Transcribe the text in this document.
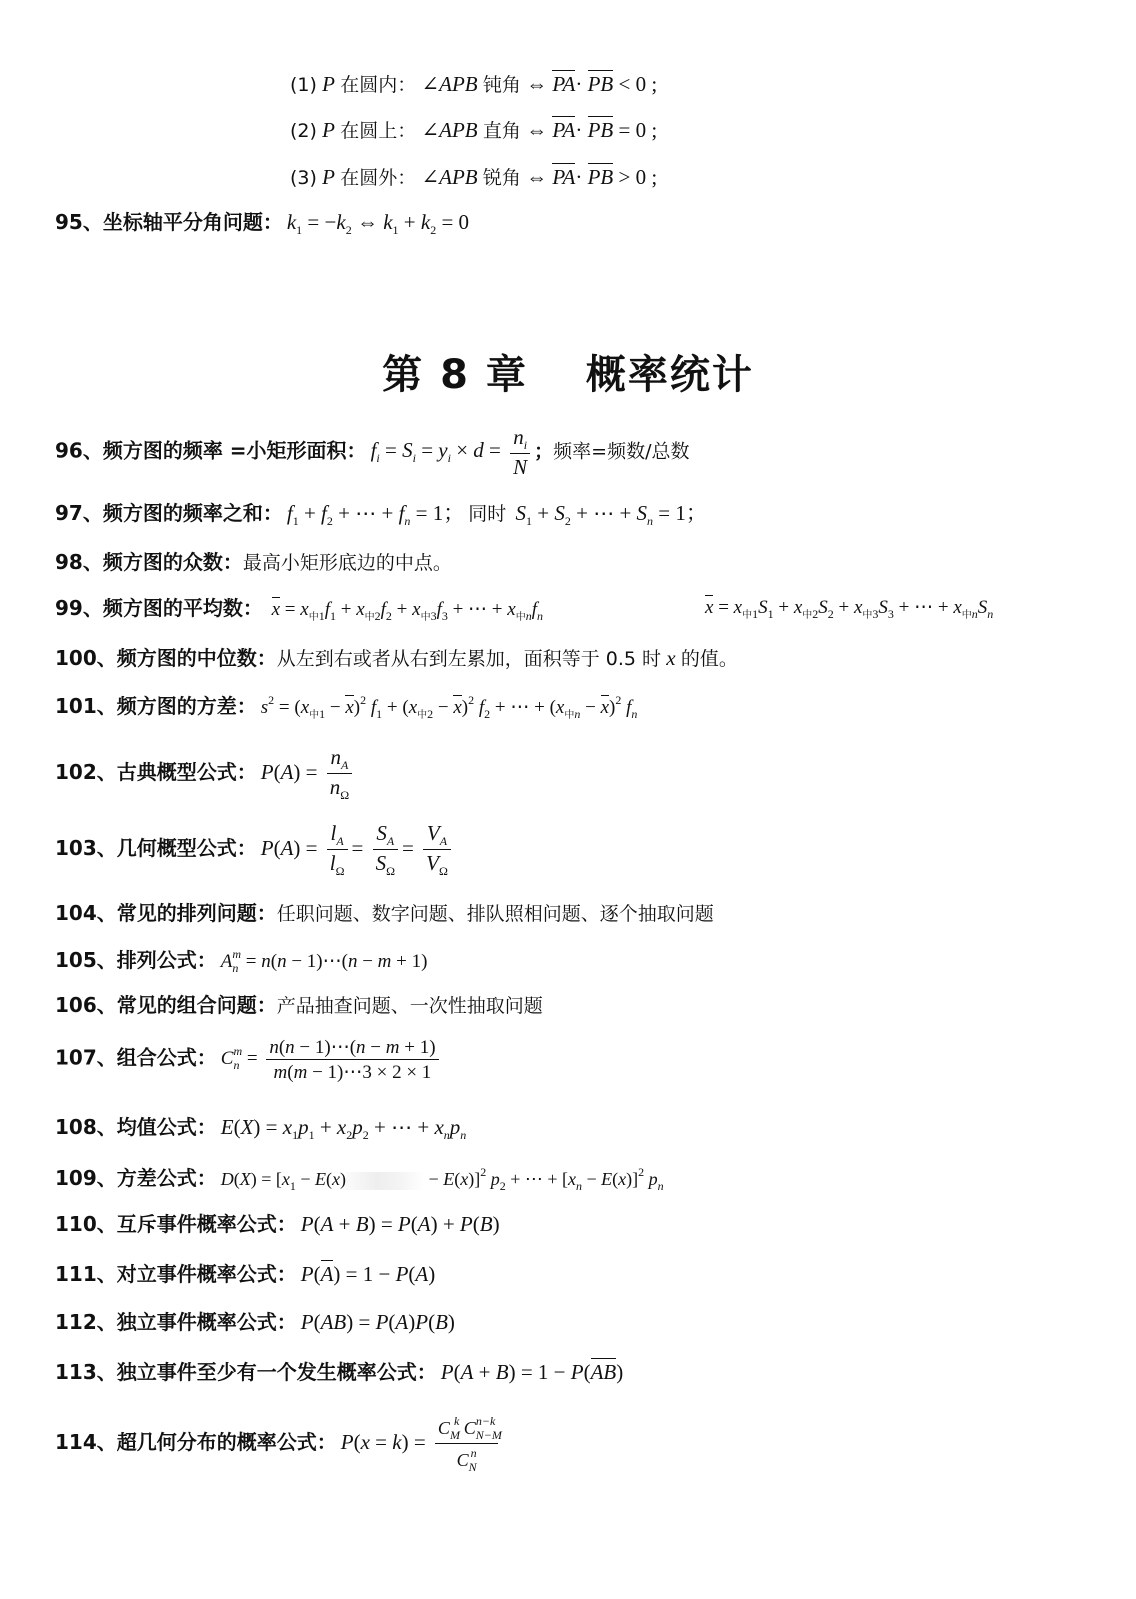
(1) P 在圆内： ∠APB 钝角 ⇔ PA· PB < 0 ;
(2) P 在圆上： ∠APB 直角 ⇔ PA· PB = 0 ;
(3) P 在圆外： ∠APB 锐角 ⇔ PA· PB > 0 ;
95、坐标轴平分角问题： $k_1 = -k_2$ ⇔ $k_1 + k_2 = 0$
第 8 章 概率统计
96、频方图的频率 =小矩形面积： $f_i = S_i = y_i \times d = \frac{n_i}{N}$ ；频率=频数/总数
97、频方图的频率之和： $f_1 + f_2$ + ⋯ + $f_n = 1$； 同时 $S_1 + S_2$ + ⋯ + $S_n = 1$；
98、频方图的众数：最高小矩形底边的中点。
99、频方图的平均数： $x = x_{中1}f_1 + x_{中2}f_2 + x_{中3}f_3$ + ⋯ + $x_{中n}f_n$	$x = x_{中1}S_1 + x_{中2}S_2 + x_{中3}S_3$ + ⋯ + $x_{中n}S_n$
100、频方图的中位数：从左到右或者从右到左累加，面积等于 0.5 时 x 的值。
101、频方图的方差： $s^2 = (x_{中1} - x)^2$ $f_1 + (x_{中2} - x)^2$ $f_2$ + ⋯ + $(x_{中n} - x)^2$ $f_n$
102、古典概型公式： $P(A) = \frac{n_A}{n_\Omega}$
103、几何概型公式： $P(A) = \frac{l_A}{l_\Omega} = \frac{S_A}{S_\Omega} = \frac{V_A}{V_\Omega}$
104、常见的排列问题：任职问题、数字问题、排队照相问题、逐个抽取问题
105、排列公式： $A_n^m = n(n$ − 1)⋯(n − m + 1)
106、常见的组合问题：产品抽查问题、一次性抽取问题
107、组合公式： $C_n^m = \frac{n(n - 1)\cdots(n - m + 1)}{m(m - 1)\cdots 3 \times 2 \times 1}$
108、均值公式： $E(X) = x_1p_1 + x_2p_2$ + ⋯ + $x_np_n$
109、方差公式： $D(X) = [x_1 - E(x)$	− E(x)]$^2$ $p_2$ + ⋯ + $[x_n - E(x)]^2$ $p_n$
110、互斥事件概率公式： P(A + B) = P(A) + P(B)
111、对立事件概率公式： P(A) = 1 − P(A)
112、独立事件概率公式： P(AB) = P(A)P(B)
113、独立事件至少有一个发生概率公式： P(A + B) = 1 − P(AB)
114、超几何分布的概率公式： $P(x = k) = \frac{C_M^k C_{N-M}^{n-k}}{C_N^n}$
